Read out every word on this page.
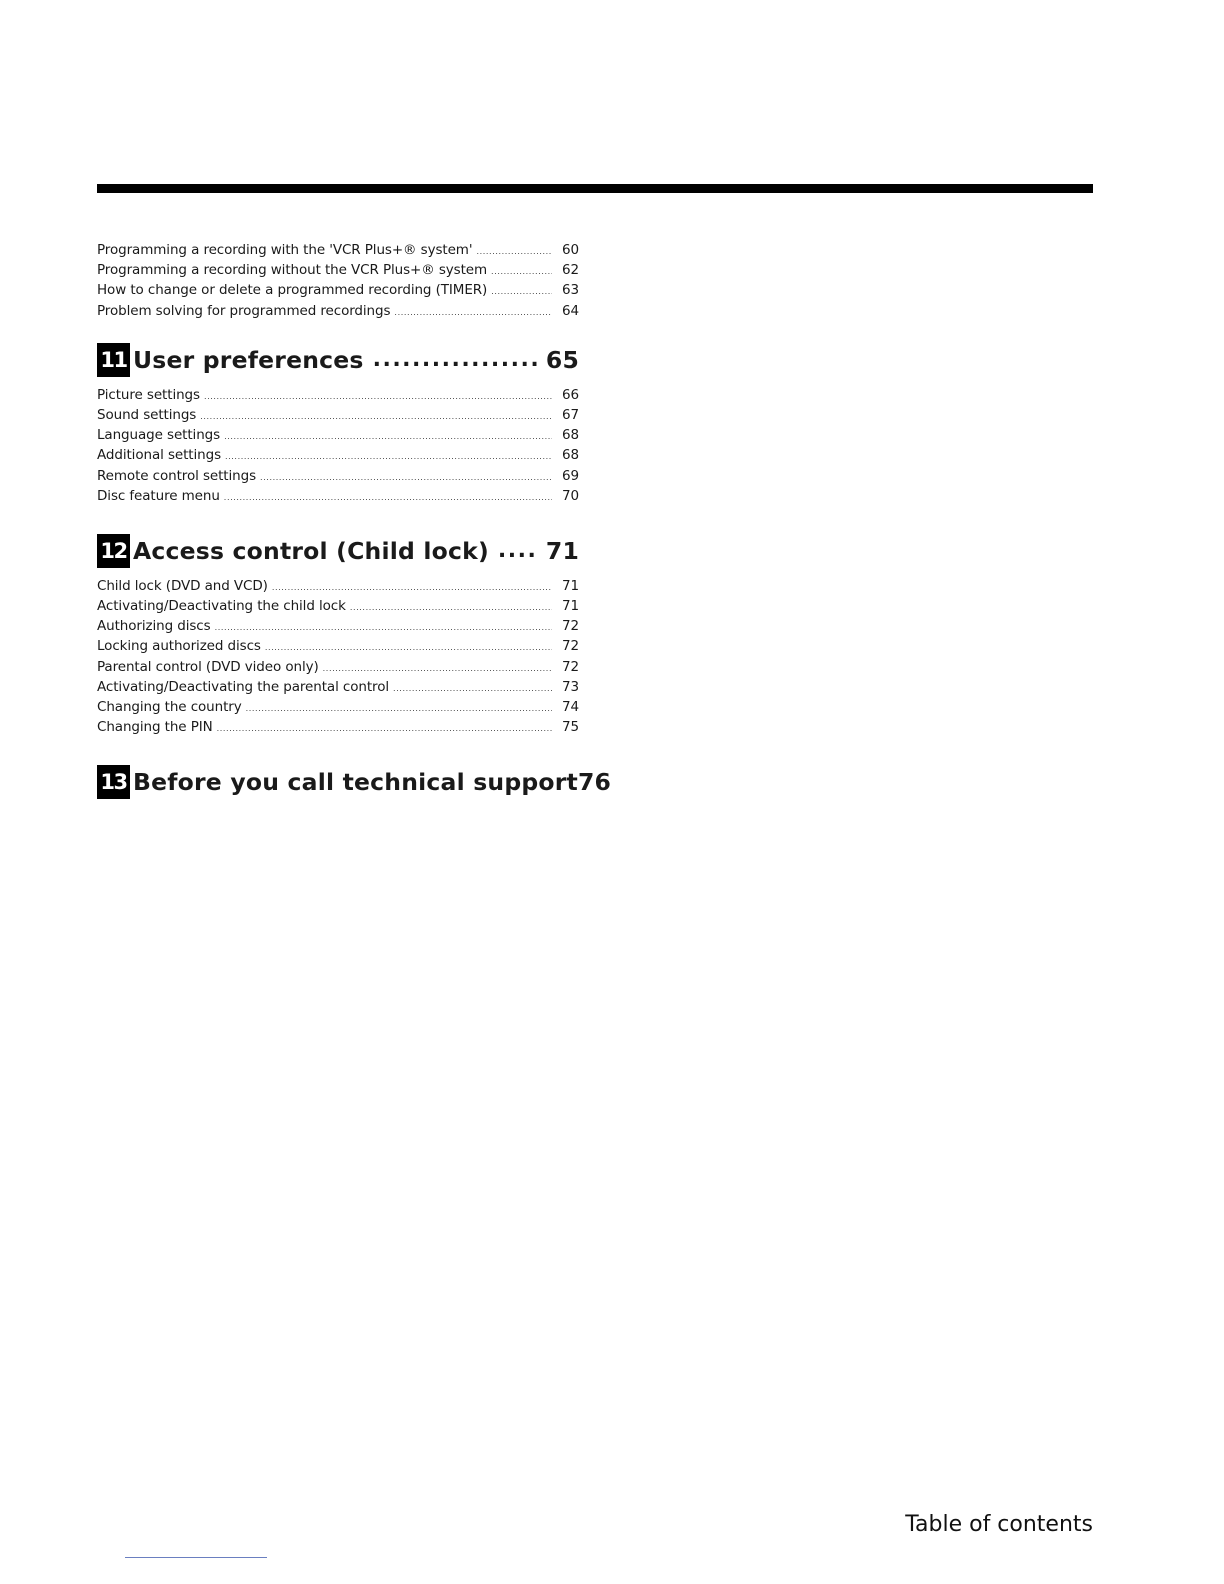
Programming a recording with the 'VCR Plus+® system' .....	60
Programming a recording without the VCR Plus+® system .....	62
How to change or delete a programmed recording (TIMER) .....	63
Problem solving for programmed recordings .....	64
11 User preferences .....	65
Picture settings .....	66
Sound settings .....	67
Language settings .....	68
Additional settings .....	68
Remote control settings .....	69
Disc feature menu .....	70
12 Access control (Child lock) ..... 71
Child lock (DVD and VCD) .....	71
Activating/Deactivating the child lock .....	71
Authorizing discs .....	72
Locking authorized discs .....	72
Parental control (DVD video only) .....	72
Activating/Deactivating the parental control .....	73
Changing the country .....	74
Changing the PIN .....	75
13 Before you call technical support 76
Table of contents
